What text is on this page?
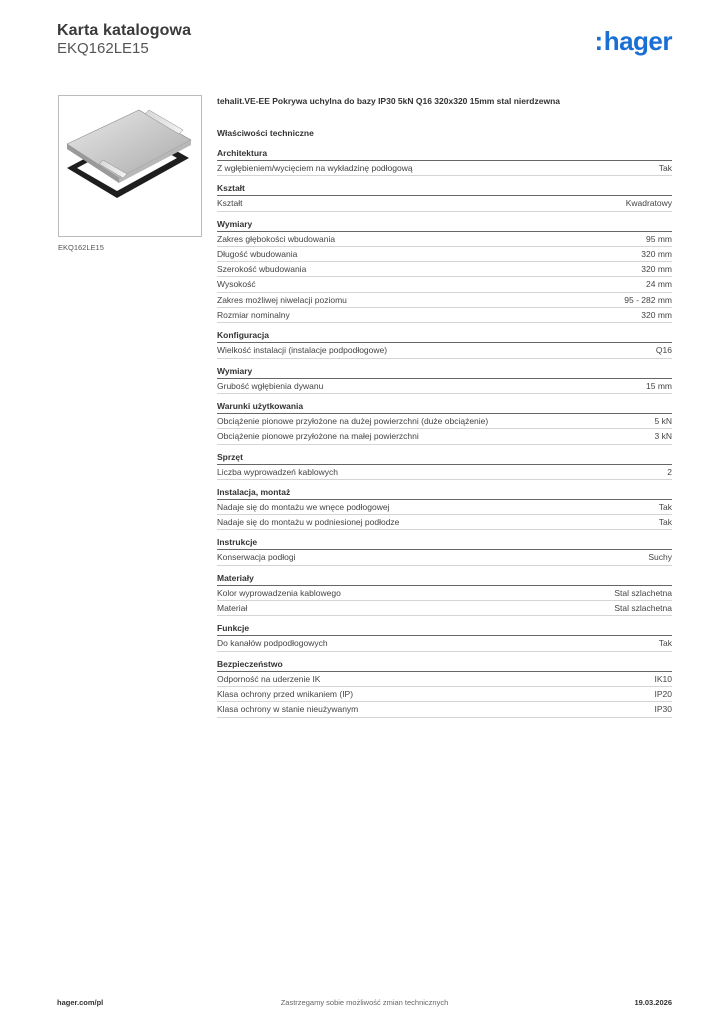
Karta katalogowa
EKQ162LE15	:hager
EKQ162LE15
tehalit.VE-EE Pokrywa uchylna do bazy IP30 5kN Q16 320x320 15mm stal nierdzewna
Właściwości techniczne
Architektura
Z wgłębieniem/wycięciem na wykładzinę podłogową	Tak
Kształt
Kształt	Kwadratowy
Wymiary
Zakres głębokości wbudowania	95 mm
Długość wbudowania	320 mm
Szerokość wbudowania	320 mm
Wysokość	24 mm
Zakres możliwej niwelacji poziomu	95 - 282 mm
Rozmiar nominalny	320 mm
Konfiguracja
Wielkość instalacji (instalacje podpodłogowe)	Q16
Wymiary
Grubość wgłębienia dywanu	15 mm
Warunki użytkowania
Obciążenie pionowe przyłożone na dużej powierzchni (duże obciążenie)	5 kN
Obciążenie pionowe przyłożone na małej powierzchni	3 kN
Sprzęt
Liczba wyprowadzeń kablowych	2
Instalacja, montaż
Nadaje się do montażu we wnęce podłogowej	Tak
Nadaje się do montażu w podniesionej podłodze	Tak
Instrukcje
Konserwacja podłogi	Suchy
Materiały
Kolor wyprowadzenia kablowego	Stal szlachetna
Materiał	Stal szlachetna
Funkcje
Do kanałów podpodłogowych	Tak
Bezpieczeństwo
Odporność na uderzenie IK	IK10
Klasa ochrony przed wnikaniem (IP)	IP20
Klasa ochrony w stanie nieużywanym	IP30
hager.com/pl	Zastrzegamy sobie możliwość zmian technicznych	19.03.2026
